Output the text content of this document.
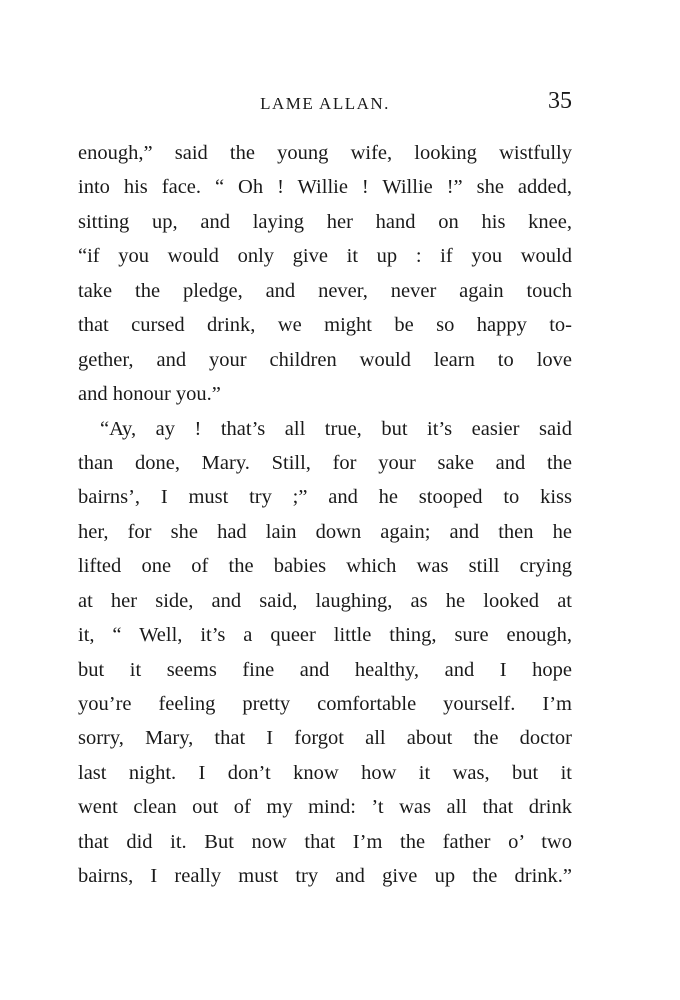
LAME ALLAN.	35
enough,” said the young wife, looking wistfully
into his face. “ Oh ! Willie ! Willie !” she added,
sitting up, and laying her hand on his knee,
“if you would only give it up : if you would
take the pledge, and never, never again touch
that cursed drink, we might be so happy to-
gether, and your children would learn to love
and honour you.”
“Ay, ay ! that’s all true, but it’s easier said
than done, Mary. Still, for your sake and the
bairns’, I must try ;” and he stooped to kiss
her, for she had lain down again; and then he
lifted one of the babies which was still crying
at her side, and said, laughing, as he looked at
it, “ Well, it’s a queer little thing, sure enough,
but it seems fine and healthy, and I hope
you’re feeling pretty comfortable yourself. I’m
sorry, Mary, that I forgot all about the doctor
last night. I don’t know how it was, but it
went clean out of my mind: ’t was all that drink
that did it. But now that I’m the father o’ two
bairns, I really must try and give up the drink.”
